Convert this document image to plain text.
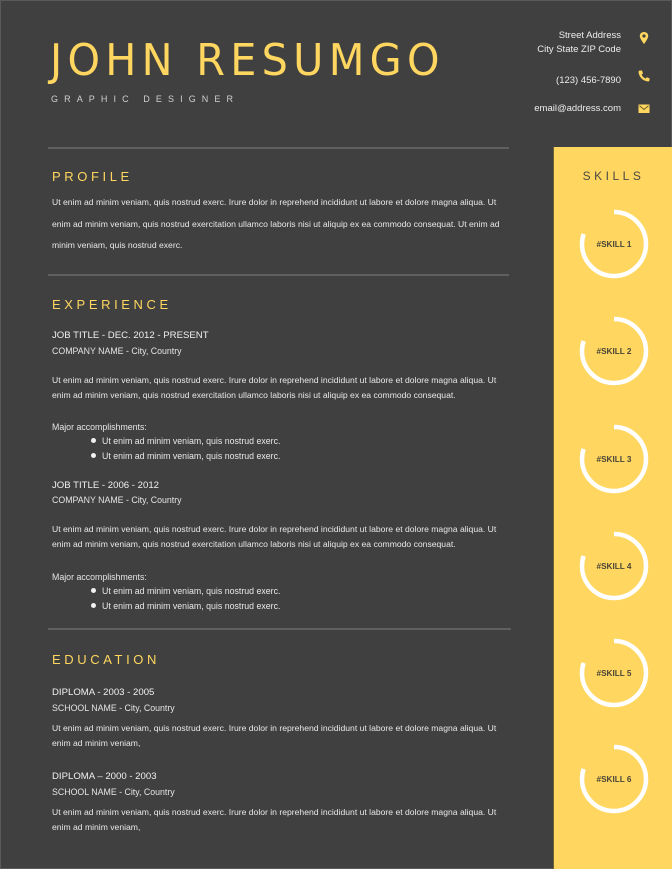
JOHN RESUMGO
GRAPHIC DESIGNER
Street Address
City State ZIP Code
(123) 456-7890
email@address.com
PROFILE
Ut enim ad minim veniam, quis nostrud exerc. Irure dolor in reprehend incididunt ut labore et dolore magna aliqua. Ut enim ad minim veniam, quis nostrud exercitation ullamco laboris nisi ut aliquip ex ea commodo consequat. Ut enim ad minim veniam, quis nostrud exerc.
EXPERIENCE
JOB TITLE - DEC. 2012 - PRESENT
COMPANY NAME - City, Country
Ut enim ad minim veniam, quis nostrud exerc. Irure dolor in reprehend incididunt ut labore et dolore magna aliqua. Ut enim ad minim veniam, quis nostrud exercitation ullamco laboris nisi ut aliquip ex ea commodo consequat.
Major accomplishments:
Ut enim ad minim veniam, quis nostrud exerc.
Ut enim ad minim veniam, quis nostrud exerc.
JOB TITLE - 2006 - 2012
COMPANY NAME - City, Country
Ut enim ad minim veniam, quis nostrud exerc. Irure dolor in reprehend incididunt ut labore et dolore magna aliqua. Ut enim ad minim veniam, quis nostrud exercitation ullamco laboris nisi ut aliquip ex ea commodo consequat.
Major accomplishments:
Ut enim ad minim veniam, quis nostrud exerc.
Ut enim ad minim veniam, quis nostrud exerc.
EDUCATION
DIPLOMA - 2003 - 2005
SCHOOL NAME - City, Country
Ut enim ad minim veniam, quis nostrud exerc. Irure dolor in reprehend incididunt ut labore et dolore magna aliqua. Ut enim ad minim veniam,
DIPLOMA – 2000 - 2003
SCHOOL NAME - City, Country
Ut enim ad minim veniam, quis nostrud exerc. Irure dolor in reprehend incididunt ut labore et dolore magna aliqua. Ut enim ad minim veniam,
SKILLS
#SKILL 1
#SKILL 2
#SKILL 3
#SKILL 4
#SKILL 5
#SKILL 6
